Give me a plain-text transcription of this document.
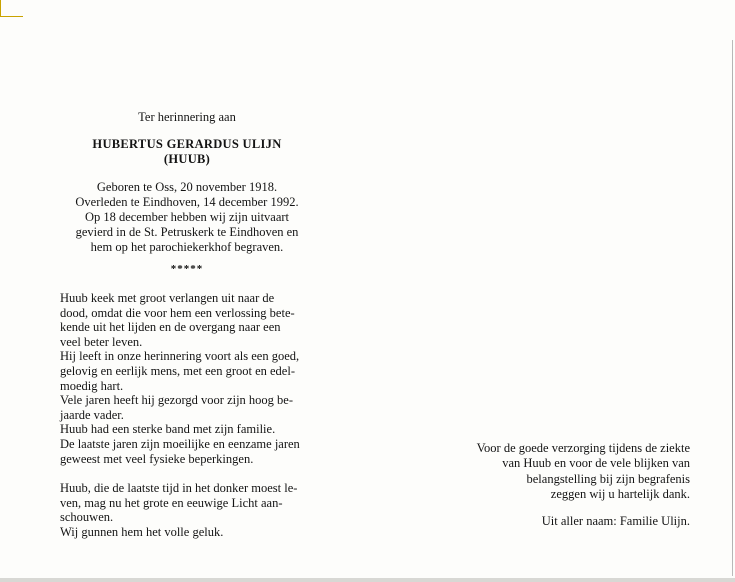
Ter herinnering aan
HUBERTUS GERARDUS ULIJN
(HUUB)
Geboren te Oss, 20 november 1918.
Overleden te Eindhoven, 14 december 1992.
Op 18 december hebben wij zijn uitvaart
gevierd in de St. Petruskerk te Eindhoven en
hem op het parochiekerkhof begraven.
*****
Huub keek met groot verlangen uit naar de
dood, omdat die voor hem een verlossing bete-
kende uit het lijden en de overgang naar een
veel beter leven.
Hij leeft in onze herinnering voort als een goed,
gelovig en eerlijk mens, met een groot en edel-
moedig hart.
Vele jaren heeft hij gezorgd voor zijn hoog be-
jaarde vader.
Huub had een sterke band met zijn familie.
De laatste jaren zijn moeilijke en eenzame jaren
geweest met veel fysieke beperkingen.
Huub, die de laatste tijd in het donker moest le-
ven, mag nu het grote en eeuwige Licht aan-
schouwen.
Wij gunnen hem het volle geluk.
Voor de goede verzorging tijdens de ziekte
van Huub en voor de vele blijken van
belangstelling bij zijn begrafenis
zeggen wij u hartelijk dank.
Uit aller naam: Familie Ulijn.
